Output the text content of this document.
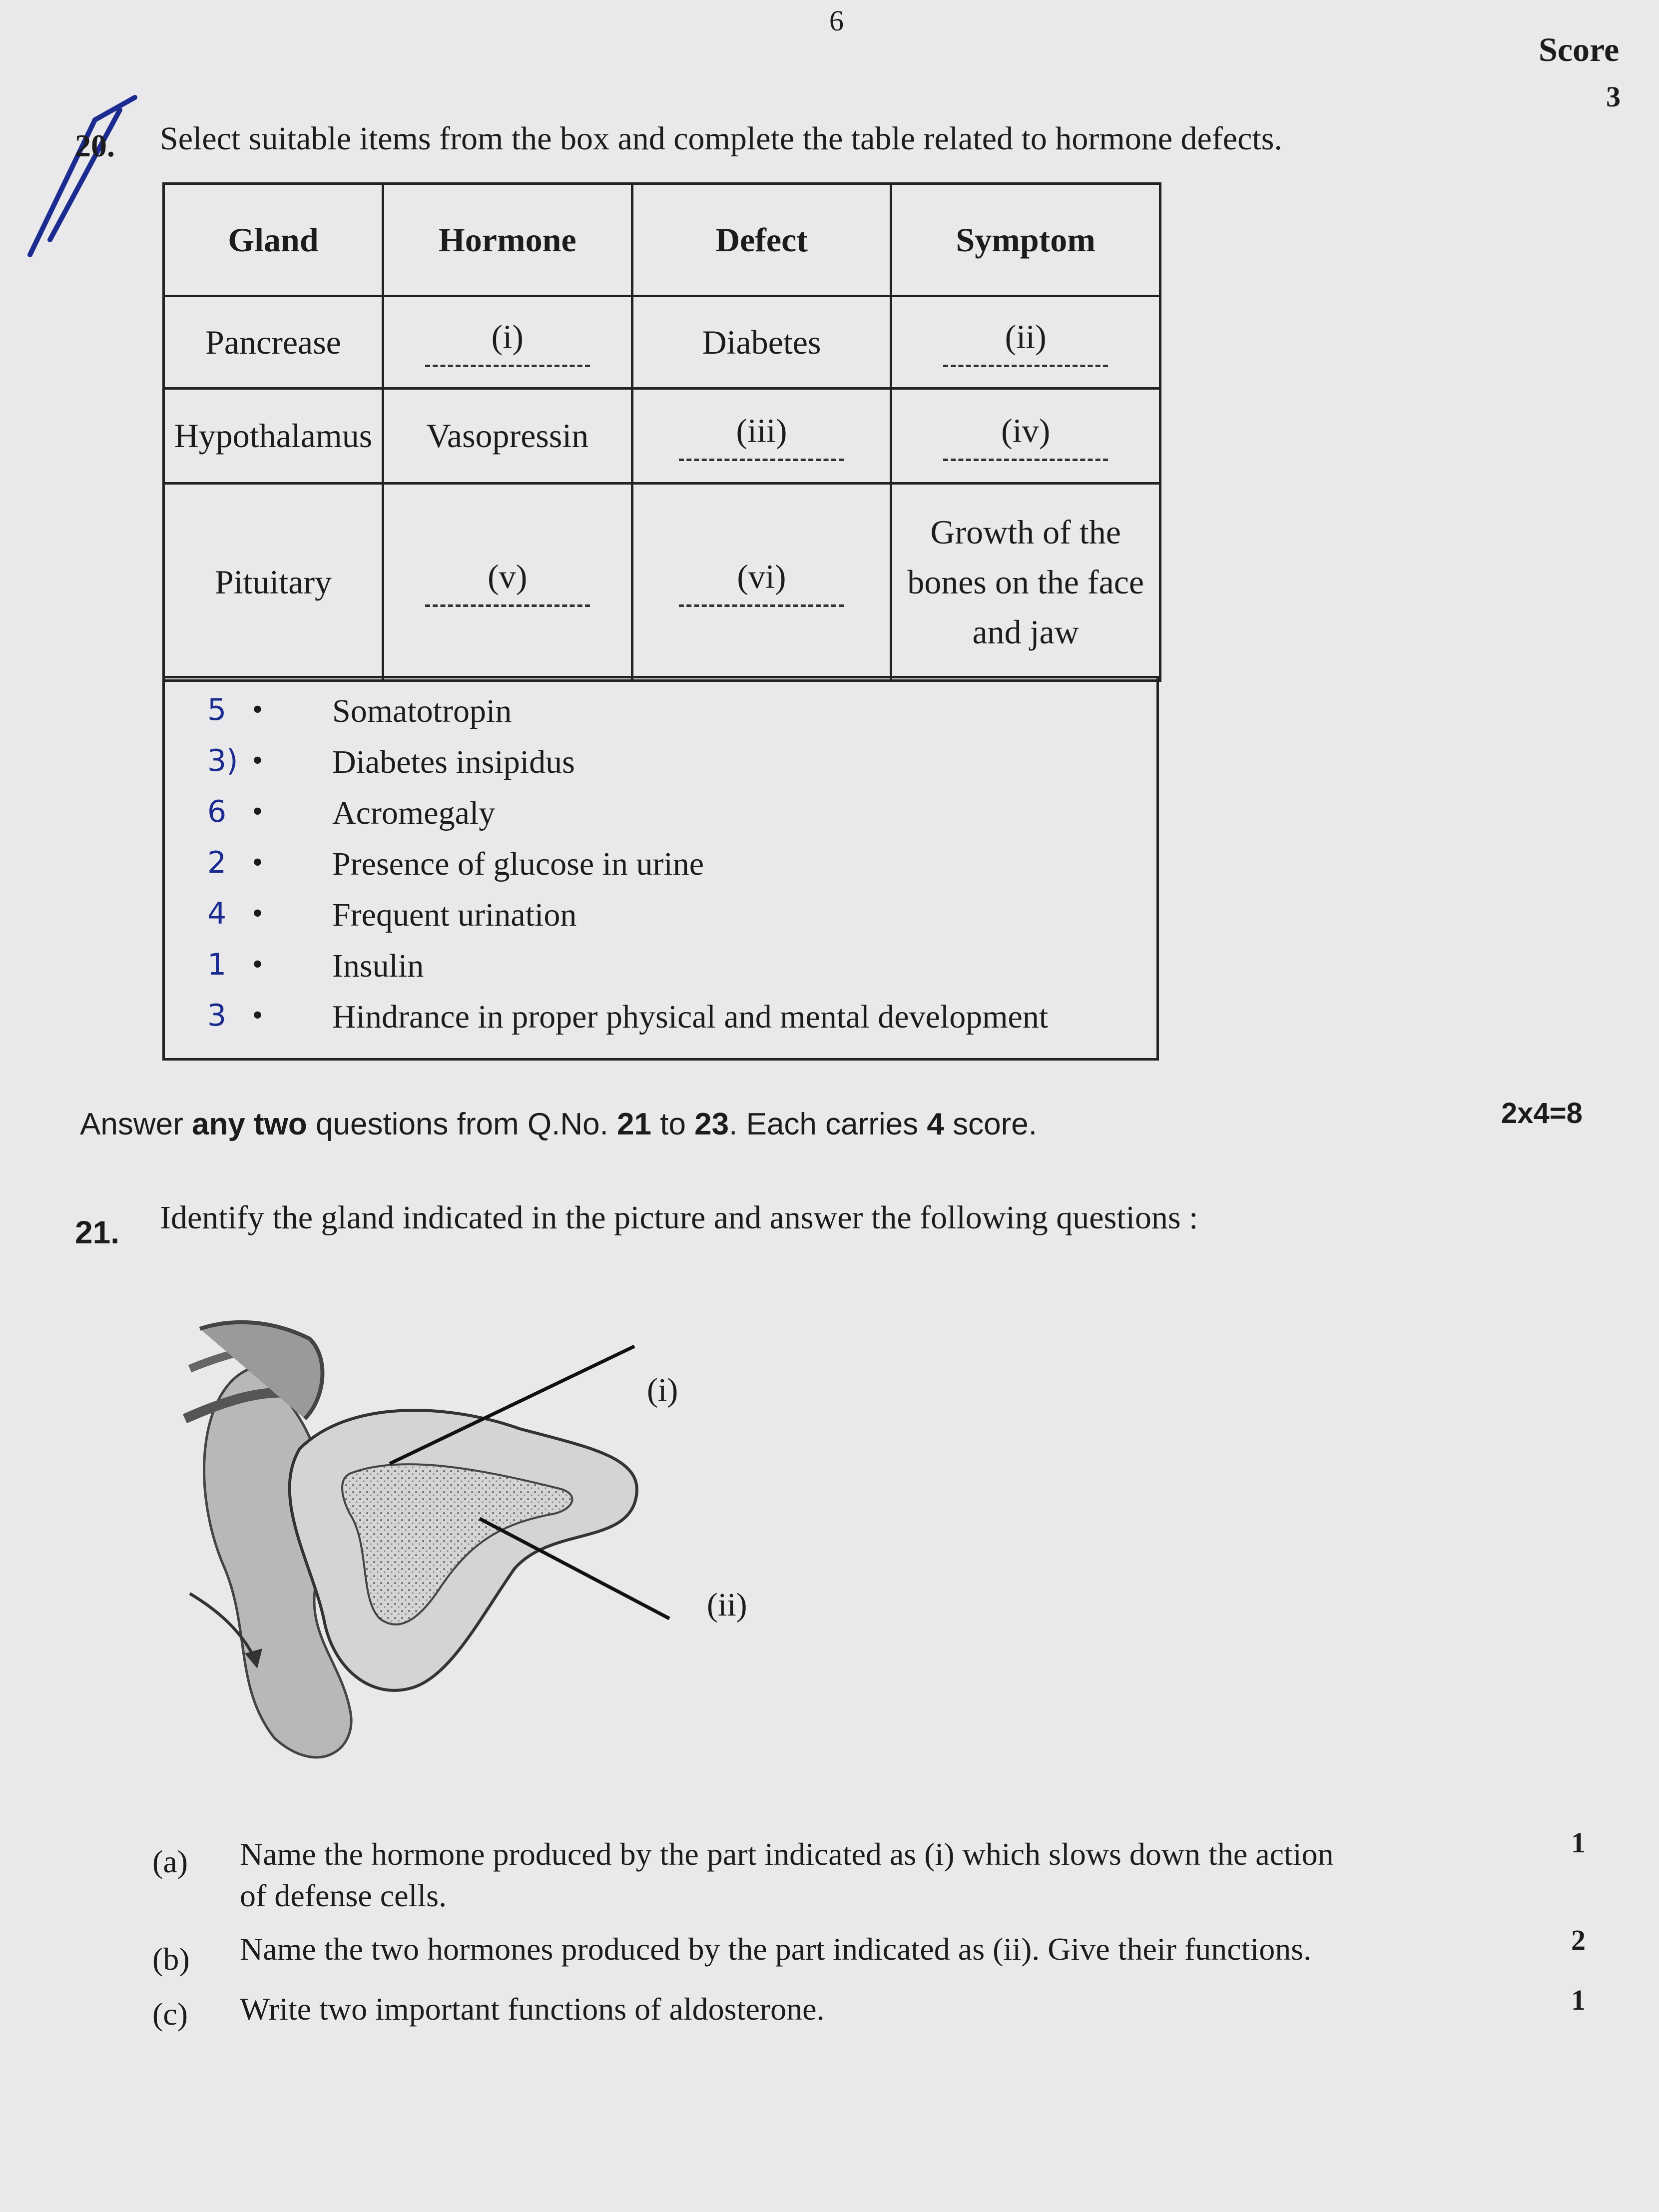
6
Score
3
20. Select suitable items from the box and complete the table related to hormone defects.
Gland	Hormone	Defect	Symptom
Pancrease	(i)	Diabetes	(ii)
Hypothalamus	Vasopressin	(iii)	(iv)
Pituitary	(v)	(vi)	Growth of the bones on the face and jaw
5 • Somatotropin
3) • Diabetes insipidus
6 • Acromegaly
2 • Presence of glucose in urine
4 • Frequent urination
1 • Insulin
3 • Hindrance in proper physical and mental development
Answer any two questions from Q.No. 21 to 23. Each carries 4 score.	2x4=8
21. Identify the gland indicated in the picture and answer the following questions :
(i)
(ii)
(a) Name the hormone produced by the part indicated as (i) which slows down the action
of defense cells.
1
(b) Name the two hormones produced by the part indicated as (ii). Give their functions.	2
(c) Write two important functions of aldosterone.	1
